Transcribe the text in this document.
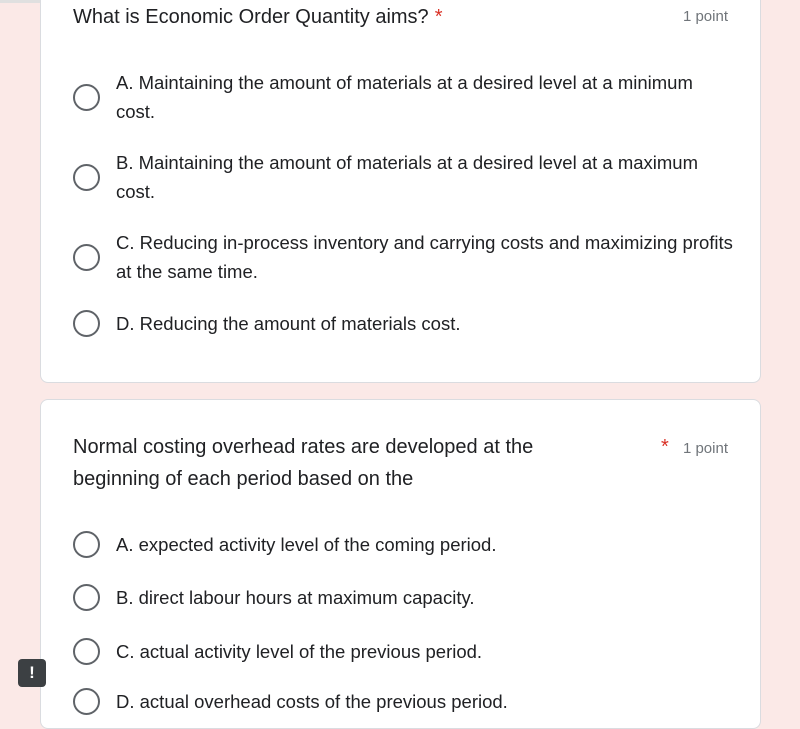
What is Economic Order Quantity aims? *	1 point
A. Maintaining the amount of materials at a desired level at a minimum cost.
B. Maintaining the amount of materials at a desired level at a maximum cost.
C. Reducing in-process inventory and carrying costs and maximizing profits at the same time.
D. Reducing the amount of materials cost.
Normal costing overhead rates are developed at the beginning of each period based on the
* 1 point
A. expected activity level of the coming period.
B. direct labour hours at maximum capacity.
C. actual activity level of the previous period.
D. actual overhead costs of the previous period.
!
